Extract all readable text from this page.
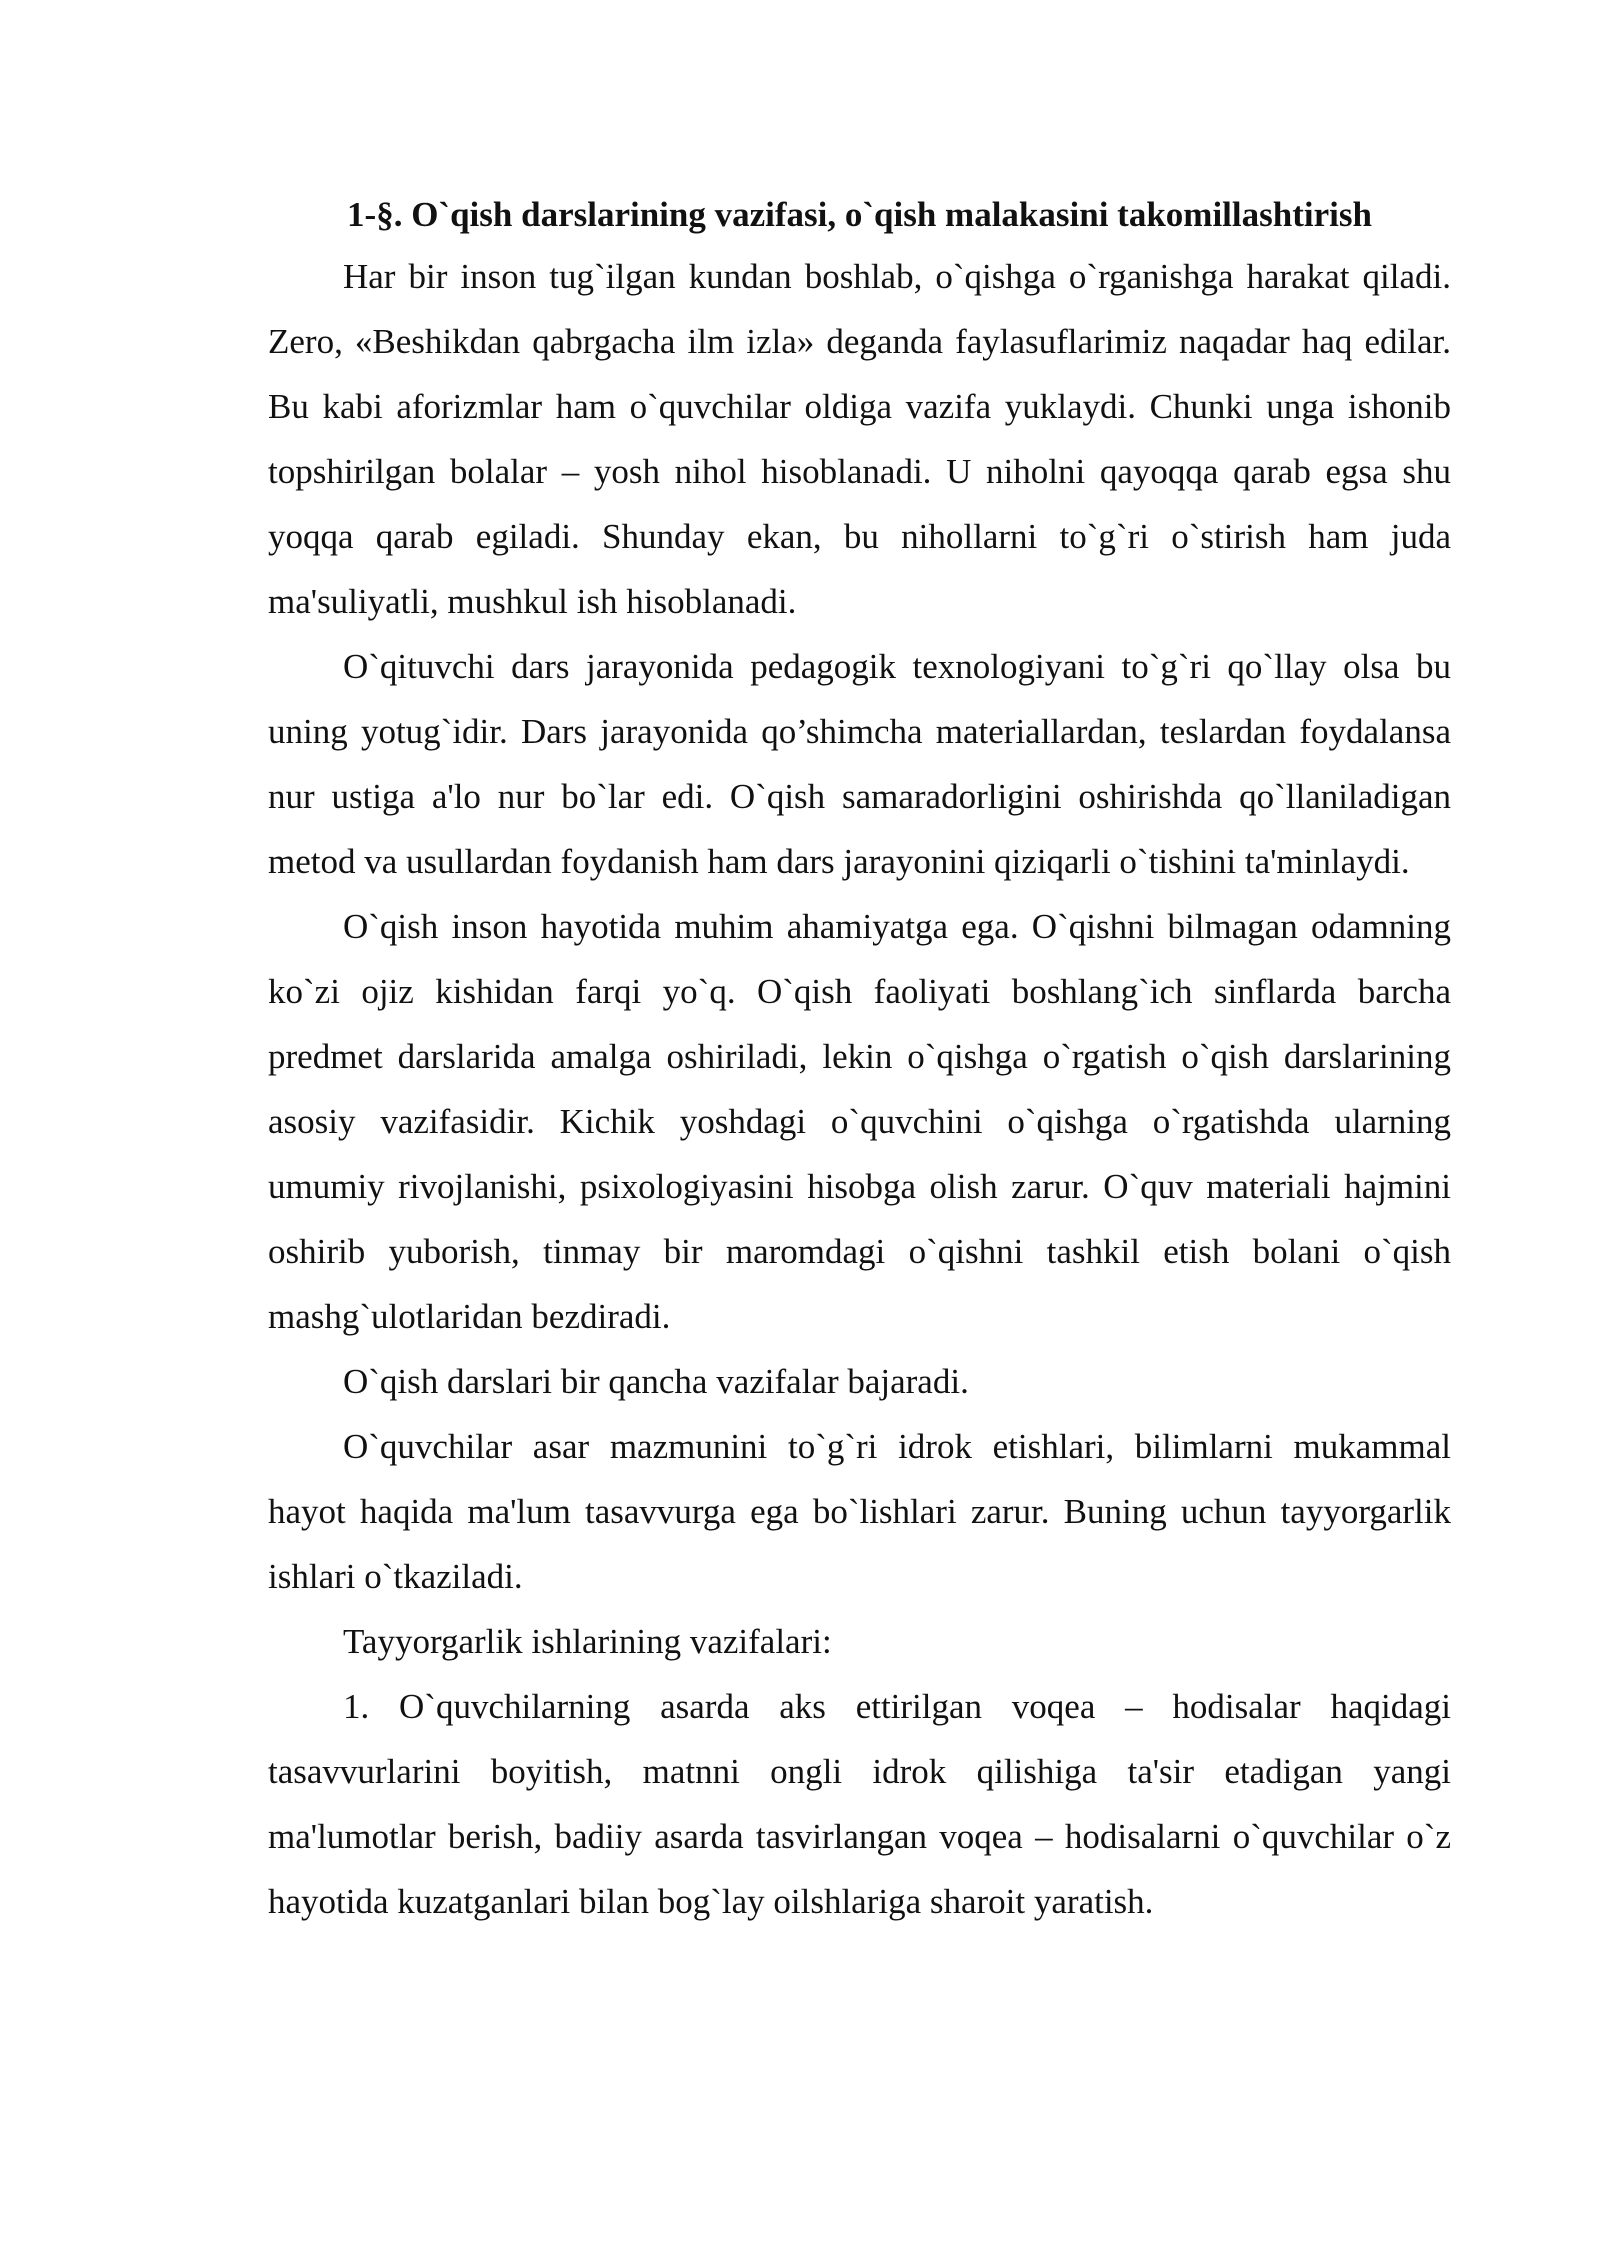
1-§. O`qish darslarining vazifasi, o`qish malakasini takomillashtirish

Har bir inson tug`ilgan kundan boshlab, o`qishga o`rganishga harakat qiladi. Zero, «Beshikdan qabrgacha ilm izla» deganda faylasuflarimiz naqadar haq edilar. Bu kabi aforizmlar ham o`quvchilar oldiga vazifa yuklaydi. Chunki unga ishonib topshirilgan bolalar – yosh nihol hisoblanadi. U niholni qayoqqa qarab egsa shu yoqqa qarab egiladi. Shunday ekan, bu nihollarni to`g`ri o`stirish ham juda ma'suliyatli, mushkul ish hisoblanadi.

O`qituvchi dars jarayonida pedagogik texnologiyani to`g`ri qo`llay olsa bu uning yotug`idir. Dars jarayonida qo’shimcha materiallardan, teslardan foydalansa nur ustiga a'lo nur bo`lar edi. O`qish samaradorligini oshirishda qo`llaniladigan metod va usullardan foydanish ham dars jarayonini qiziqarli o`tishini ta'minlaydi.

O`qish inson hayotida muhim ahamiyatga ega. O`qishni bilmagan odamning ko`zi ojiz kishidan farqi yo`q. O`qish faoliyati boshlang`ich sinflarda barcha predmet darslarida amalga oshiriladi, lekin o`qishga o`rgatish o`qish darslarining asosiy vazifasidir. Kichik yoshdagi o`quvchini o`qishga o`rgatishda ularning umumiy rivojlanishi, psixologiyasini hisobga olish zarur. O`quv materiali hajmini oshirib yuborish, tinmay bir maromdagi o`qishni tashkil etish bolani o`qish mashg`ulotlaridan bezdiradi.

O`qish darslari bir qancha vazifalar bajaradi.

O`quvchilar asar mazmunini to`g`ri idrok etishlari, bilimlarni mukammal hayot haqida ma'lum tasavvurga ega bo`lishlari zarur. Buning uchun tayyorgarlik ishlari o`tkaziladi.

Tayyorgarlik ishlarining vazifalari:

1. O`quvchilarning asarda aks ettirilgan voqea – hodisalar haqidagi tasavvurlarini boyitish, matnni ongli idrok qilishiga ta'sir etadigan yangi ma'lumotlar berish, badiiy asarda tasvirlangan voqea – hodisalarni o`quvchilar o`z hayotida kuzatganlari bilan bog`lay oilshlariga sharoit yaratish.
